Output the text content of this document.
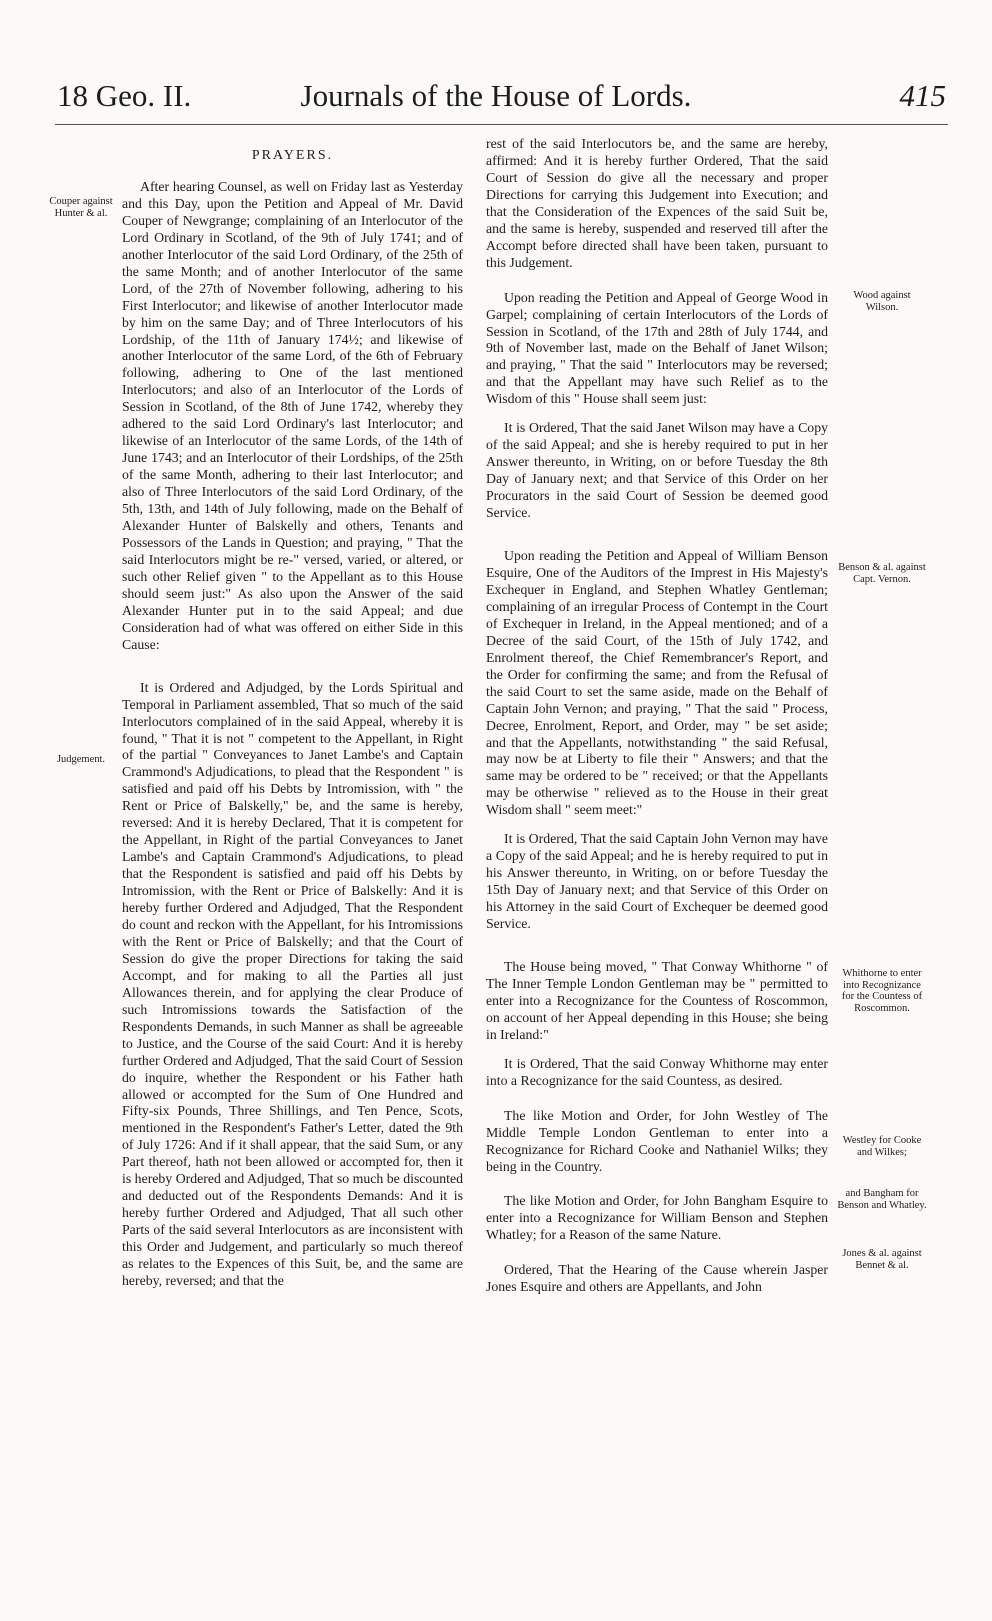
18 Geo. II.	Journals of the House of Lords.	415
Couper against Hunter & al.
Judgement.
Wood against Wilson.
Benson & al. against Capt. Vernon.
Whithorne to enter into Recognizance for the Countess of Roscommon.
Westley for Cooke and Wilkes;
and Bangham for Benson and Whatley.
Jones & al. against Bennet & al.
PRAYERS.

After hearing Counsel, as well on Friday last as Yesterday and this Day, upon the Petition and Appeal of Mr. David Couper of Newgrange; complaining of an Interlocutor of the Lord Ordinary in Scotland, of the 9th of July 1741; and of another Interlocutor of the said Lord Ordinary, of the 25th of the same Month; and of another Interlocutor of the same Lord, of the 27th of November following, adhering to his First Interlocutor; and likewise of another Interlocutor made by him on the same Day; and of Three Interlocutors of his Lordship, of the 11th of January 174½; and likewise of another Interlocutor of the same Lord, of the 6th of February following, adhering to One of the last mentioned Interlocutors; and also of an Interlocutor of the Lords of Session in Scotland, of the 8th of June 1742, whereby they adhered to the said Lord Ordinary's last Interlocutor; and likewise of an Interlocutor of the same Lords, of the 14th of June 1743; and an Interlocutor of their Lordships, of the 25th of the same Month, adhering to their last Interlocutor; and also of Three Interlocutors of the said Lord Ordinary, of the 5th, 13th, and 14th of July following, made on the Behalf of Alexander Hunter of Balskelly and others, Tenants and Possessors of the Lands in Question; and praying, " That the said Interlocutors might be re-" versed, varied, or altered, or such other Relief given " to the Appellant as to this House should seem just:" As also upon the Answer of the said Alexander Hunter put in to the said Appeal; and due Consideration had of what was offered on either Side in this Cause:

It is Ordered and Adjudged, by the Lords Spiritual and Temporal in Parliament assembled, That so much of the said Interlocutors complained of in the said Appeal, whereby it is found, " That it is not " competent to the Appellant, in Right of the partial " Conveyances to Janet Lambe's and Captain Crammond's Adjudications, to plead that the Respondent " is satisfied and paid off his Debts by Intromission, with " the Rent or Price of Balskelly," be, and the same is hereby, reversed: And it is hereby Declared, That it is competent for the Appellant, in Right of the partial Conveyances to Janet Lambe's and Captain Crammond's Adjudications, to plead that the Respondent is satisfied and paid off his Debts by Intromission, with the Rent or Price of Balskelly: And it is hereby further Ordered and Adjudged, That the Respondent do count and reckon with the Appellant, for his Intromissions with the Rent or Price of Balskelly; and that the Court of Session do give the proper Directions for taking the said Accompt, and for making to all the Parties all just Allowances therein, and for applying the clear Produce of such Intromissions towards the Satisfaction of the Respondents Demands, in such Manner as shall be agreeable to Justice, and the Course of the said Court: And it is hereby further Ordered and Adjudged, That the said Court of Session do inquire, whether the Respondent or his Father hath allowed or accompted for the Sum of One Hundred and Fifty-six Pounds, Three Shillings, and Ten Pence, Scots, mentioned in the Respondent's Father's Letter, dated the 9th of July 1726: And if it shall appear, that the said Sum, or any Part thereof, hath not been allowed or accompted for, then it is hereby Ordered and Adjudged, That so much be discounted and deducted out of the Respondents Demands: And it is hereby further Ordered and Adjudged, That all such other Parts of the said several Interlocutors as are inconsistent with this Order and Judgement, and particularly so much thereof as relates to the Expences of this Suit, be, and the same are hereby, reversed; and that the

rest of the said Interlocutors be, and the same are hereby, affirmed: And it is hereby further Ordered, That the said Court of Session do give all the necessary and proper Directions for carrying this Judgement into Execution; and that the Consideration of the Expences of the said Suit be, and the same is hereby, suspended and reserved till after the Accompt before directed shall have been taken, pursuant to this Judgement.

Upon reading the Petition and Appeal of George Wood in Garpel; complaining of certain Interlocutors of the Lords of Session in Scotland, of the 17th and 28th of July 1744, and 9th of November last, made on the Behalf of Janet Wilson; and praying, " That the said " Interlocutors may be reversed; and that the Appellant may have such Relief as to the Wisdom of this " House shall seem just:

It is Ordered, That the said Janet Wilson may have a Copy of the said Appeal; and she is hereby required to put in her Answer thereunto, in Writing, on or before Tuesday the 8th Day of January next; and that Service of this Order on her Procurators in the said Court of Session be deemed good Service.

Upon reading the Petition and Appeal of William Benson Esquire, One of the Auditors of the Imprest in His Majesty's Exchequer in England, and Stephen Whatley Gentleman; complaining of an irregular Process of Contempt in the Court of Exchequer in Ireland, in the Appeal mentioned; and of a Decree of the said Court, of the 15th of July 1742, and Enrolment thereof, the Chief Remembrancer's Report, and the Order for confirming the same; and from the Refusal of the said Court to set the same aside, made on the Behalf of Captain John Vernon; and praying, " That the said " Process, Decree, Enrolment, Report, and Order, may " be set aside; and that the Appellants, notwithstanding " the said Refusal, may now be at Liberty to file their " Answers; and that the same may be ordered to be " received; or that the Appellants may be otherwise " relieved as to the House in their great Wisdom shall " seem meet:"

It is Ordered, That the said Captain John Vernon may have a Copy of the said Appeal; and he is hereby required to put in his Answer thereunto, in Writing, on or before Tuesday the 15th Day of January next; and that Service of this Order on his Attorney in the said Court of Exchequer be deemed good Service.

The House being moved, " That Conway Whithorne " of The Inner Temple London Gentleman may be " permitted to enter into a Recognizance for the Countess of Roscommon, on account of her Appeal depending in this House; she being in Ireland:"

It is Ordered, That the said Conway Whithorne may enter into a Recognizance for the said Countess, as desired.

The like Motion and Order, for John Westley of The Middle Temple London Gentleman to enter into a Recognizance for Richard Cooke and Nathaniel Wilks; they being in the Country.

The like Motion and Order, for John Bangham Esquire to enter into a Recognizance for William Benson and Stephen Whatley; for a Reason of the same Nature.

Ordered, That the Hearing of the Cause wherein Jasper Jones Esquire and others are Appellants, and John
